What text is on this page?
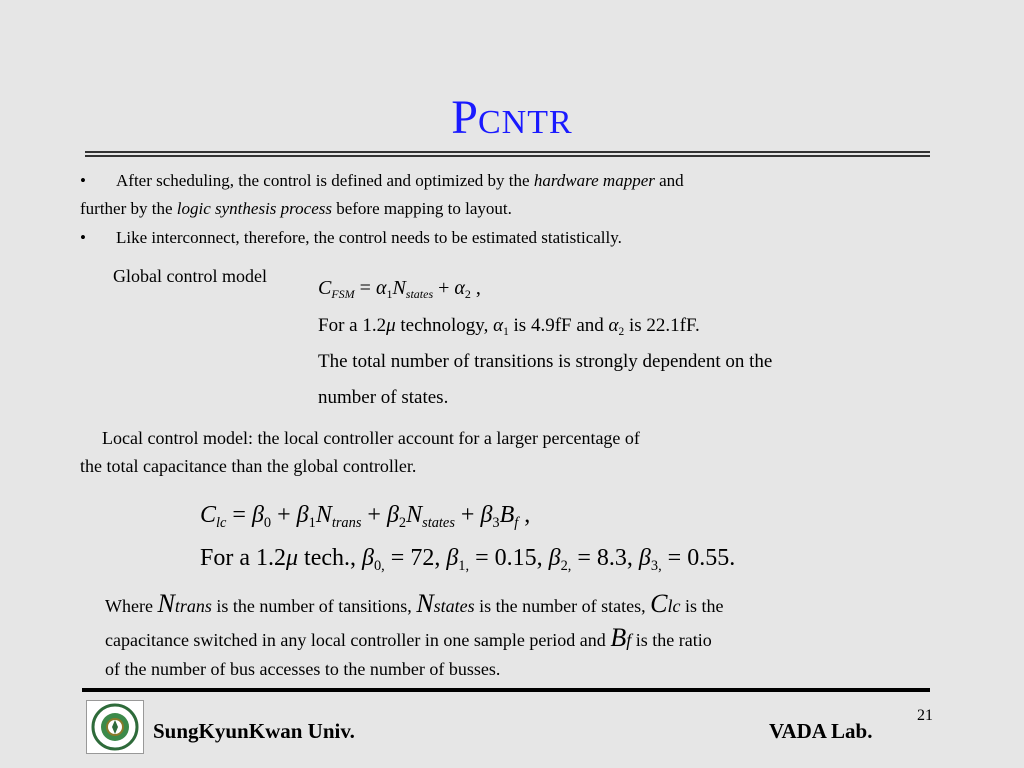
PCNTR
• After scheduling, the control is defined and optimized by the hardware mapper and
further by the logic synthesis process before mapping to layout.
• Like interconnect, therefore, the control needs to be estimated statistically.
Global control model
$C_{FSM} = \alpha_1N_{states} + \alpha_2$ ,
For a 1.2μ technology, $\alpha_1$ is 4.9fF and $\alpha_2$ is 22.1fF.
The total number of transitions is strongly dependent on the
number of states.
Local control model: the local controller account for a larger percentage of
the total capacitance than the global controller.
$C_{lc} = \beta_0 + \beta_1N_{trans} + \beta_2N_{states} + \beta_3B_f$ ,
For a 1.2μ tech., $\beta_{0,} = 72$, $\beta_{1,} = 0.15$, $\beta_{2,} = 8.3$, $\beta_{3,} = 0.55$.
Where Ntrans is the number of tansitions, Nstates is the number of states, Clc is the
capacitance switched in any local controller in one sample period and Bf is the ratio
of the number of bus accesses to the number of busses.
SungKyunKwan Univ.	VADA Lab.
21
